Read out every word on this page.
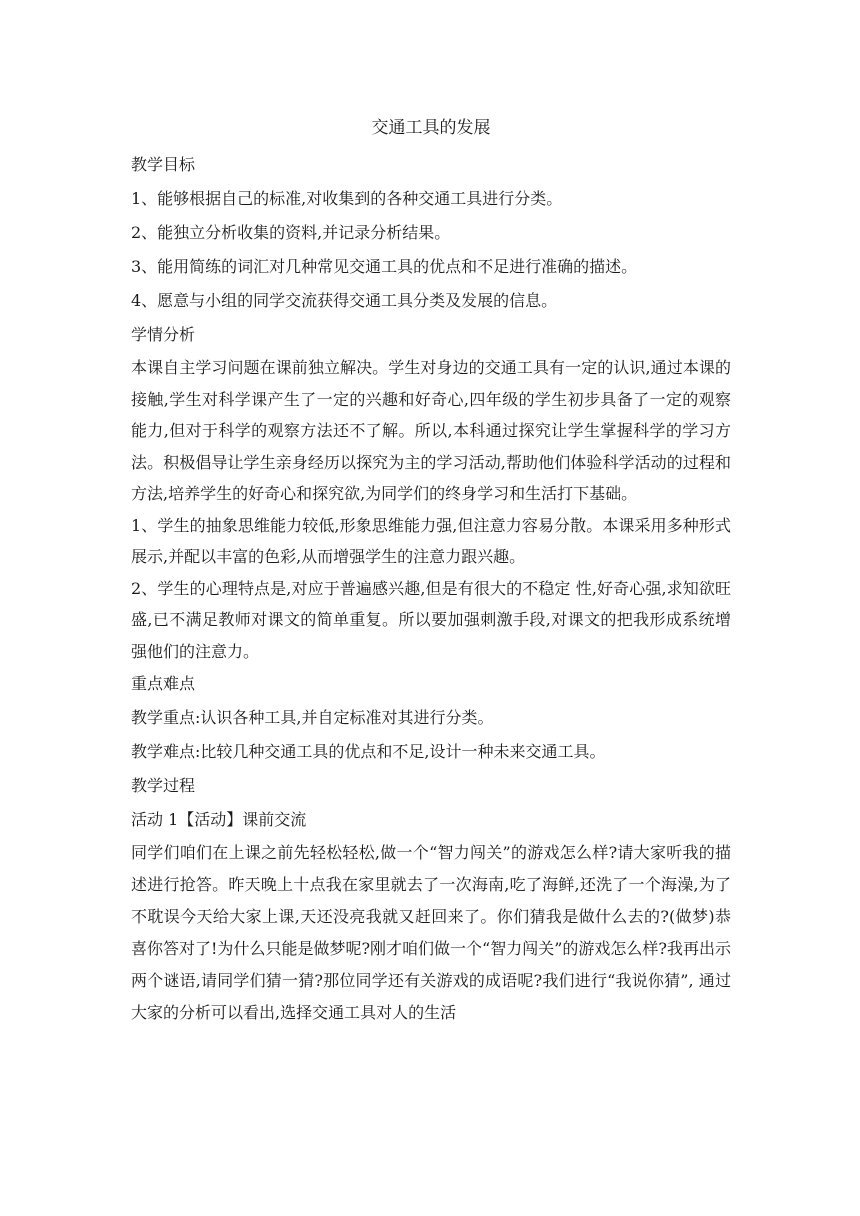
交通工具的发展
教学目标
1、能够根据自己的标准,对收集到的各种交通工具进行分类。
2、能独立分析收集的资料,并记录分析结果。
3、能用简练的词汇对几种常见交通工具的优点和不足进行准确的描述。
4、愿意与小组的同学交流获得交通工具分类及发展的信息。
学情分析

本课自主学习问题在课前独立解决。学生对身边的交通工具有一定的认识,通过本课的接触,学生对科学课产生了一定的兴趣和好奇心,四年级的学生初步具备了一定的观察能力,但对于科学的观察方法还不了解。所以,本科通过探究让学生掌握科学的学习方法。积极倡导让学生亲身经历以探究为主的学习活动,帮助他们体验科学活动的过程和方法,培养学生的好奇心和探究欲,为同学们的终身学习和生活打下基础。

1、学生的抽象思维能力较低,形象思维能力强,但注意力容易分散。本课采用多种形式展示,并配以丰富的色彩,从而增强学生的注意力跟兴趣。

2、学生的心理特点是,对应于普遍感兴趣,但是有很大的不稳定 性,好奇心强,求知欲旺盛,已不满足教师对课文的简单重复。所以要加强刺激手段,对课文的把我形成系统增强他们的注意力。

重点难点
教学重点:认识各种工具,并自定标准对其进行分类。
教学难点:比较几种交通工具的优点和不足,设计一种未来交通工具。
教学过程
活动 1【活动】课前交流

同学们咱们在上课之前先轻松轻松,做一个“智力闯关”的游戏怎么样?请大家听我的描述进行抢答。昨天晚上十点我在家里就去了一次海南,吃了海鲜,还洗了一个海澡,为了不耽误今天给大家上课,天还没亮我就又赶回来了。你们猜我是做什么去的?(做梦)恭喜你答对了!为什么只能是做梦呢?刚才咱们做一个“智力闯关”的游戏怎么样?我再出示两个谜语,请同学们猜一猜?那位同学还有关游戏的成语呢?我们进行“我说你猜”, 通过大家的分析可以看出,选择交通工具对人的生活
